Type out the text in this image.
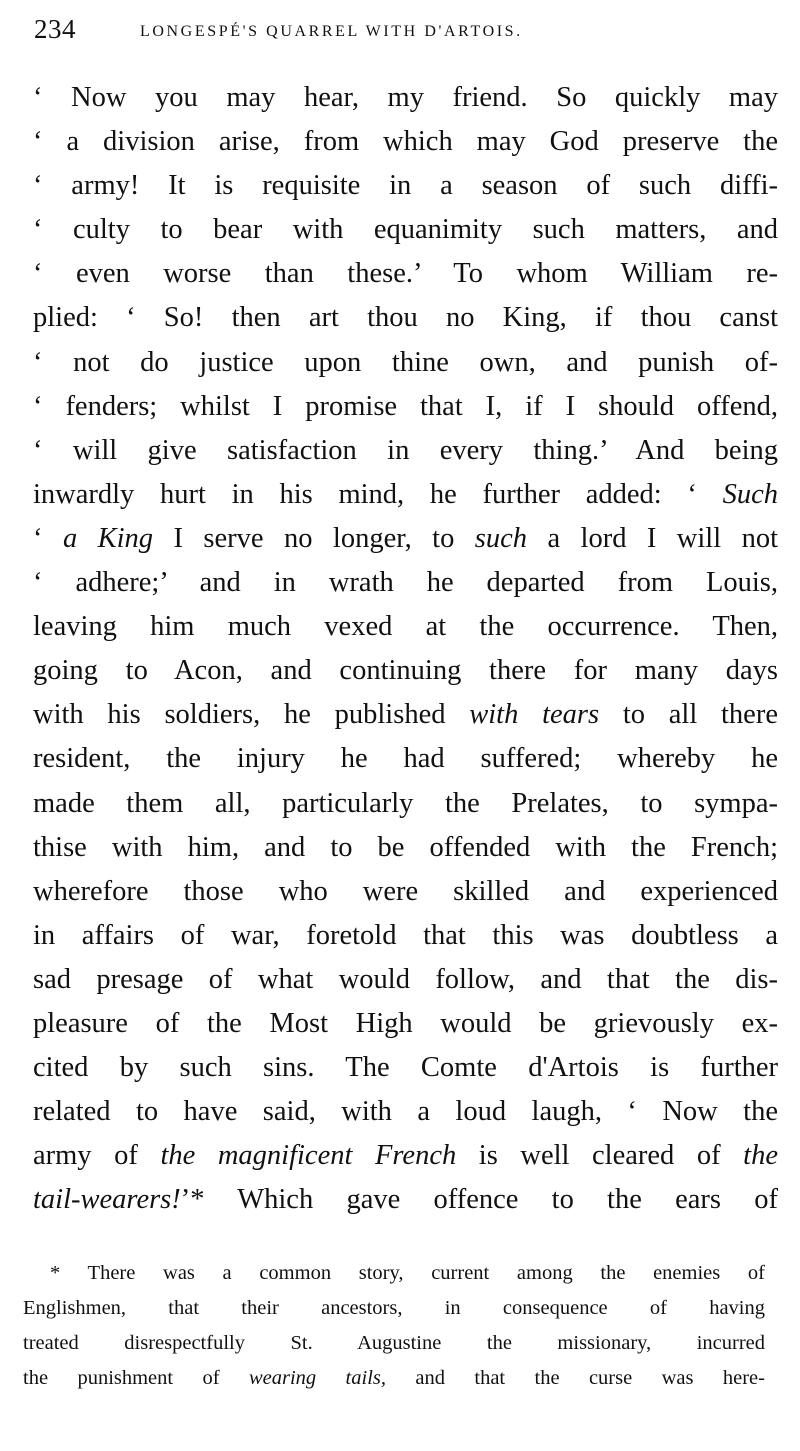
234	LONGESPÉ'S QUARREL WITH D'ARTOIS.
‘ Now you may hear, my friend. So quickly may
‘ a division arise, from which may God preserve the
‘ army! It is requisite in a season of such diffi-
‘ culty to bear with equanimity such matters, and
‘ even worse than these.’ To whom William re-
plied: ‘ So! then art thou no King, if thou canst
‘ not do justice upon thine own, and punish of-
‘ fenders; whilst I promise that I, if I should offend,
‘ will give satisfaction in every thing.’ And being
inwardly hurt in his mind, he further added: ‘ Such
‘ a King I serve no longer, to such a lord I will not
‘ adhere;’ and in wrath he departed from Louis,
leaving him much vexed at the occurrence. Then,
going to Acon, and continuing there for many days
with his soldiers, he published with tears to all there
resident, the injury he had suffered; whereby he
made them all, particularly the Prelates, to sympa-
thise with him, and to be offended with the French;
wherefore those who were skilled and experienced
in affairs of war, foretold that this was doubtless a
sad presage of what would follow, and that the dis-
pleasure of the Most High would be grievously ex-
cited by such sins. The Comte d'Artois is further
related to have said, with a loud laugh, ‘ Now the
army of the magnificent French is well cleared of the
tail-wearers!’* Which gave offence to the ears of
* There was a common story, current among the enemies of
Englishmen, that their ancestors, in consequence of having
treated disrespectfully St. Augustine the missionary, incurred
the punishment of wearing tails, and that the curse was here-
